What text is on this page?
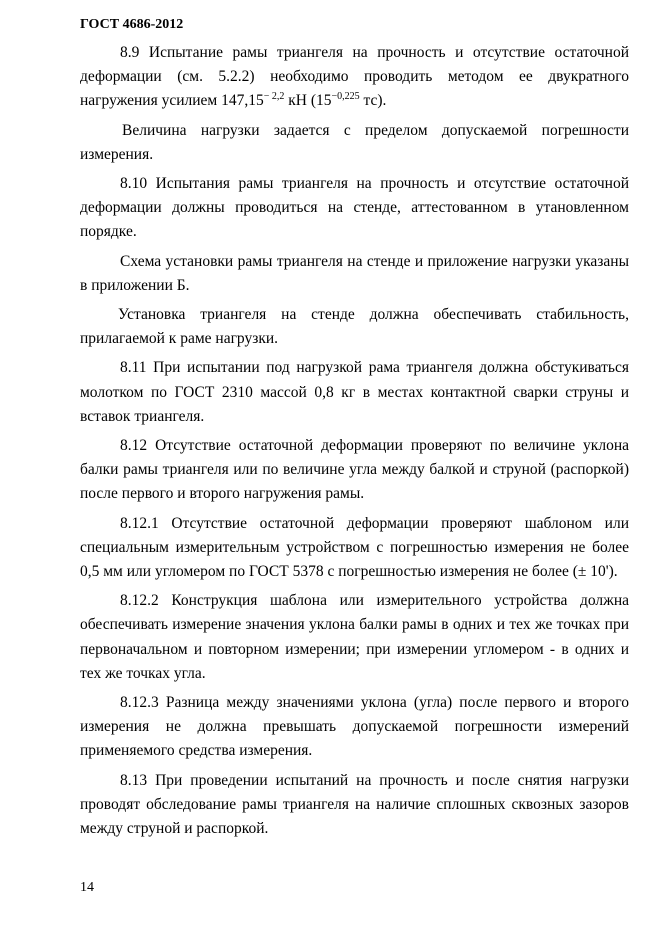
ГОСТ 4686-2012

8.9 Испытание рамы триангеля на прочность и отсутствие остаточной деформации (см. 5.2.2) необходимо проводить методом ее двукратного нагружения усилием $147,15^{- 2,2}$ кН ($15^{-0,225}$ тс).

Величина нагрузки задается с пределом допускаемой погрешности измерения.

8.10 Испытания рамы триангеля на прочность и отсутствие остаточной деформации должны проводиться на стенде, аттестованном в утановленном порядке.

Схема установки рамы триангеля на стенде и приложение нагрузки указаны в приложении Б.

Установка триангеля на стенде должна обеспечивать стабильность, прилагаемой к раме нагрузки.

8.11 При испытании под нагрузкой рама триангеля должна обстукиваться молотком по ГОСТ 2310 массой 0,8 кг в местах контактной сварки струны и вставок триангеля.

8.12 Отсутствие остаточной деформации проверяют по величине уклона балки рамы триангеля или по величине угла между балкой и струной (распоркой) после первого и второго нагружения рамы.

8.12.1 Отсутствие остаточной деформации проверяют шаблоном или специальным измерительным устройством с погрешностью измерения не более 0,5 мм или угломером по ГОСТ 5378 с погрешностью измерения не более (± 10').

8.12.2 Конструкция шаблона или измерительного устройства должна обеспечивать измерение значения уклона балки рамы в одних и тех же точках при первоначальном и повторном измерении; при измерении угломером - в одних и тех же точках угла.

8.12.3 Разница между значениями уклона (угла) после первого и второго измерения не должна превышать допускаемой погрешности измерений применяемого средства измерения.

8.13 При проведении испытаний на прочность и после снятия нагрузки проводят обследование рамы триангеля на наличие сплошных сквозных зазоров между струной и распоркой.

14
